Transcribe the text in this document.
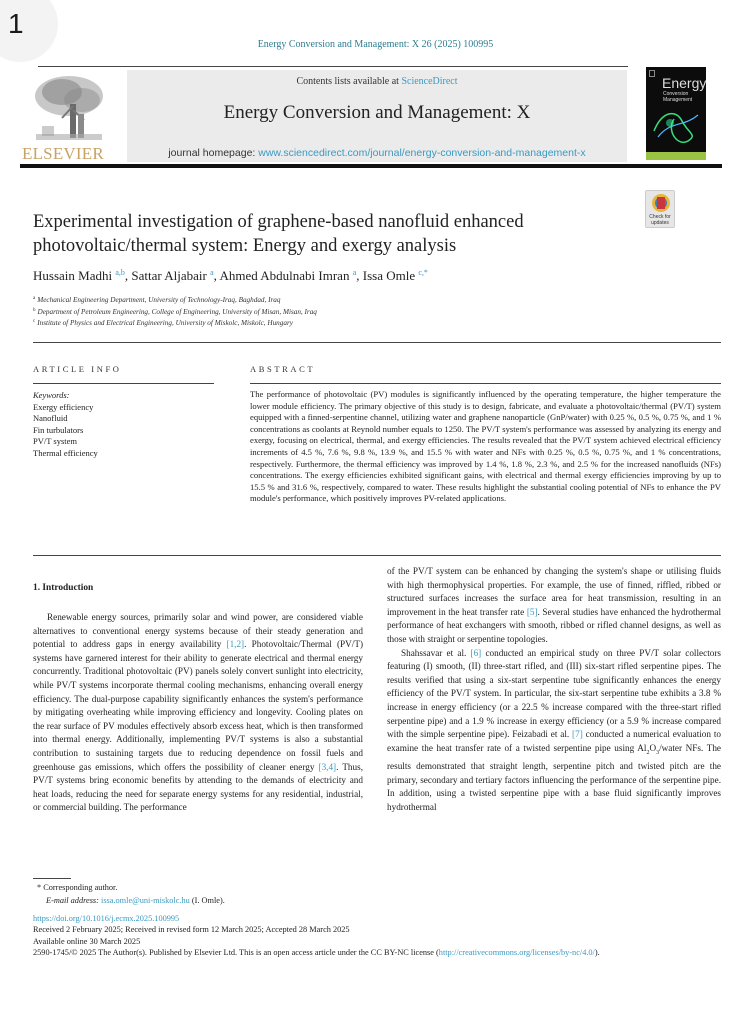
1
Energy Conversion and Management: X 26 (2025) 100995
ELSEVIER
Contents lists available at ScienceDirect
Energy Conversion and Management: X
journal homepage: www.sciencedirect.com/journal/energy-conversion-and-management-x
Energy
Conversion
Management
Check for
updates
Experimental investigation of graphene-based nanofluid enhanced
photovoltaic/thermal system: Energy and exergy analysis
Hussain Madhi $^{a,b}$, Sattar Aljabair $^a$, Ahmed Abdulnabi Imran $^a$, Issa Omle $^{c,*}$
$^a$ Mechanical Engineering Department, University of Technology-Iraq, Baghdad, Iraq
$^b$ Department of Petroleum Engineering, College of Engineering, University of Misan, Misan, Iraq
$^c$ Institute of Physics and Electrical Engineering, University of Miskolc, Miskolc, Hungary
ARTICLE INFO
Keywords:
Exergy efficiency
Nanofluid
Fin turbulators
PV/T system
Thermal efficiency
ABSTRACT
The performance of photovoltaic (PV) modules is significantly influenced by the operating temperature, the higher temperature the lower module efficiency. The primary objective of this study is to design, fabricate, and evaluate a photovoltaic/thermal (PV/T) system equipped with a finned-serpentine channel, utilizing water and graphene nanoparticle (GnP/water) with 0.25 %, 0.5 %, 0.75 %, and 1 % concentrations as coolants at Reynold number equals to 1250. The PV/T system's performance was assessed by analyzing its energy and exergy, focusing on electrical, thermal, and exergy efficiencies. The results revealed that the PV/T system achieved electrical efficiency increments of 4.5 %, 7.6 %, 9.8 %, 13.9 %, and 15.5 % with water and NFs with 0.25 %, 0.5 %, 0.75 %, and 1 % concentrations, respectively. Furthermore, the thermal efficiency was improved by 1.4 %, 1.8 %, 2.3 %, and 2.5 % for the increased nanofluids (NFs) concentrations. The exergy efficiencies exhibited significant gains, with electrical and thermal exergy efficiencies improving by up to 15.5 % and 31.6 %, respectively, compared to water. These results highlight the substantial cooling potential of NFs to enhance the PV module's performance, which positively improves PV-related applications.
1. Introduction

Renewable energy sources, primarily solar and wind power, are considered viable alternatives to conventional energy systems because of their steady generation and potential to address gaps in energy availability [1,2]. Photovoltaic/Thermal (PV/T) systems have garnered interest for their ability to generate electrical and thermal energy concurrently. Traditional photovoltaic (PV) panels solely convert sunlight into electricity, while PV/T systems incorporate thermal cooling mechanisms, enhancing overall energy efficiency. The dual-purpose capability significantly enhances the system's performance by mitigating overheating while improving efficiency and longevity. Cooling plates on the rear surface of PV modules effectively absorb excess heat, which is then transformed into thermal energy. Additionally, implementing PV/T systems is also a substantial contribution to sustaining targets due to reducing dependence on fossil fuels and greenhouse gas emissions, which offers the possibility of cleaner energy [3,4]. Thus, PV/T systems bring economic benefits by attending to the demands of electricity and heat loads, reducing the need for separate energy systems for any residential, industrial, or commercial building. The performance

of the PV/T system can be enhanced by changing the system's shape or utilising fluids with high thermophysical properties. For example, the use of finned, riffled, ribbed or structured surfaces increases the surface area for heat transmission, resulting in an improvement in the heat transfer rate [5]. Several studies have enhanced the hydrothermal performance of heat exchangers with smooth, ribbed or rifled channel designs, as well as those with straight or serpentine topologies.

Shahssavar et al. [6] conducted an empirical study on three PV/T solar collectors featuring (I) smooth, (II) three-start rifled, and (III) six-start rifled serpentine pipes. The results verified that using a six-start serpentine tube significantly enhances the energy efficiency of the PV/T system. In particular, the six-start serpentine tube exhibits a 3.8 % increase in energy efficiency (or a 22.5 % increase compared with the three-start rifled serpentine pipe) and a 1.9 % increase in exergy efficiency (or a 5.9 % increase compared with the simple serpentine pipe). Feizabadi et al. [7] conducted a numerical evaluation to examine the heat transfer rate of a twisted serpentine pipe using $Al_2O_3$/water NFs. The results demonstrated that straight length, serpentine pitch and twisted pitch are the primary, secondary and tertiary factors influencing the performance of the serpentine pipe. In addition, using a twisted serpentine pipe with a base fluid significantly improves hydrothermal

* Corresponding author.
E-mail address: issa.omle@uni-miskolc.hu (I. Omle).
https://doi.org/10.1016/j.ecmx.2025.100995
Received 2 February 2025; Received in revised form 12 March 2025; Accepted 28 March 2025
Available online 30 March 2025
2590-1745/© 2025 The Author(s). Published by Elsevier Ltd. This is an open access article under the CC BY-NC license (http://creativecommons.org/licenses/by-nc/4.0/).
